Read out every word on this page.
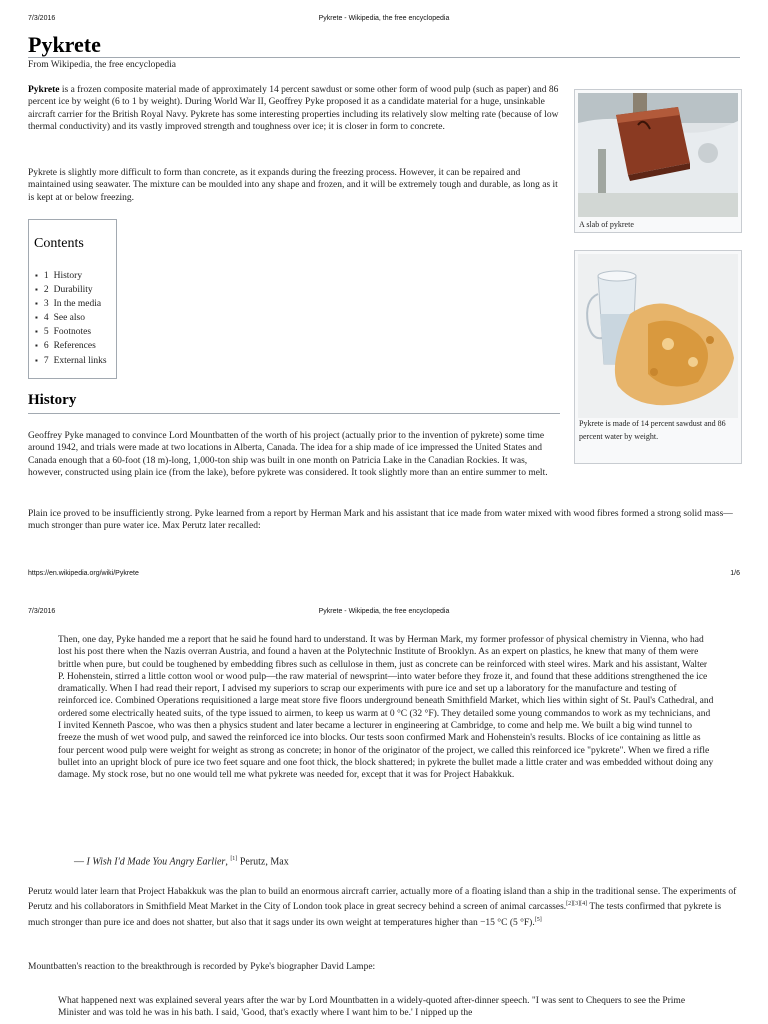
7/3/2016	Pykrete - Wikipedia, the free encyclopedia
Pykrete
From Wikipedia, the free encyclopedia

Pykrete is a frozen composite material made of approximately 14 percent sawdust or some other form of wood pulp (such as paper) and 86 percent ice by weight (6 to 1 by weight). During World War II, Geoffrey Pyke proposed it as a candidate material for a huge, unsinkable aircraft carrier for the British Royal Navy. Pykrete has some interesting properties including its relatively slow melting rate (because of low thermal conductivity) and its vastly improved strength and toughness over ice; it is closer in form to concrete.

Pykrete is slightly more difficult to form than concrete, as it expands during the freezing process. However, it can be repaired and maintained using seawater. The mixture can be moulded into any shape and frozen, and it will be extremely tough and durable, as long as it is kept at or below freezing.

A slab of pykrete
Pykrete is made of 14 percent sawdust and 86 percent water by weight.
Contents
▪ 1 History
▪ 2 Durability
▪ 3 In the media
▪ 4 See also
▪ 5 Footnotes
▪ 6 References
▪ 7 External links
History

Geoffrey Pyke managed to convince Lord Mountbatten of the worth of his project (actually prior to the invention of pykrete) some time around 1942, and trials were made at two locations in Alberta, Canada. The idea for a ship made of ice impressed the United States and Canada enough that a 60-foot (18 m)-long, 1,000-ton ship was built in one month on Patricia Lake in the Canadian Rockies. It was, however, constructed using plain ice (from the lake), before pykrete was considered. It took slightly more than an entire summer to melt.

Plain ice proved to be insufficiently strong. Pyke learned from a report by Herman Mark and his assistant that ice made from water mixed with wood fibres formed a strong solid mass—much stronger than pure water ice. Max Perutz later recalled:

https://en.wikipedia.org/wiki/Pykrete	1/6
7/3/2016	Pykrete - Wikipedia, the free encyclopedia

Then, one day, Pyke handed me a report that he said he found hard to understand. It was by Herman Mark, my former professor of physical chemistry in Vienna, who had lost his post there when the Nazis overran Austria, and found a haven at the Polytechnic Institute of Brooklyn. As an expert on plastics, he knew that many of them were brittle when pure, but could be toughened by embedding fibres such as cellulose in them, just as concrete can be reinforced with steel wires. Mark and his assistant, Walter P. Hohenstein, stirred a little cotton wool or wood pulp—the raw material of newsprint—into water before they froze it, and found that these additions strengthened the ice dramatically. When I had read their report, I advised my superiors to scrap our experiments with pure ice and set up a laboratory for the manufacture and testing of reinforced ice. Combined Operations requisitioned a large meat store five floors underground beneath Smithfield Market, which lies within sight of St. Paul's Cathedral, and ordered some electrically heated suits, of the type issued to airmen, to keep us warm at 0 °C (32 °F). They detailed some young commandos to work as my technicians, and I invited Kenneth Pascoe, who was then a physics student and later became a lecturer in engineering at Cambridge, to come and help me. We built a big wind tunnel to freeze the mush of wet wood pulp, and sawed the reinforced ice into blocks. Our tests soon confirmed Mark and Hohenstein's results. Blocks of ice containing as little as four percent wood pulp were weight for weight as strong as concrete; in honor of the originator of the project, we called this reinforced ice "pykrete". When we fired a rifle bullet into an upright block of pure ice two feet square and one foot thick, the block shattered; in pykrete the bullet made a little crater and was embedded without doing any damage. My stock rose, but no one would tell me what pykrete was needed for, except that it was for Project Habakkuk.

— I Wish I'd Made You Angry Earlier, [1] Perutz, Max

Perutz would later learn that Project Habakkuk was the plan to build an enormous aircraft carrier, actually more of a floating island than a ship in the traditional sense. The experiments of Perutz and his collaborators in Smithfield Meat Market in the City of London took place in great secrecy behind a screen of animal carcasses.[2][3][4] The tests confirmed that pykrete is much stronger than pure ice and does not shatter, but also that it sags under its own weight at temperatures higher than −15 °C (5 °F).[5]

Mountbatten's reaction to the breakthrough is recorded by Pyke's biographer David Lampe:

What happened next was explained several years after the war by Lord Mountbatten in a widely-quoted after-dinner speech. "I was sent to Chequers to see the Prime Minister and was told he was in his bath. I said, 'Good, that's exactly where I want him to be.' I nipped up the
